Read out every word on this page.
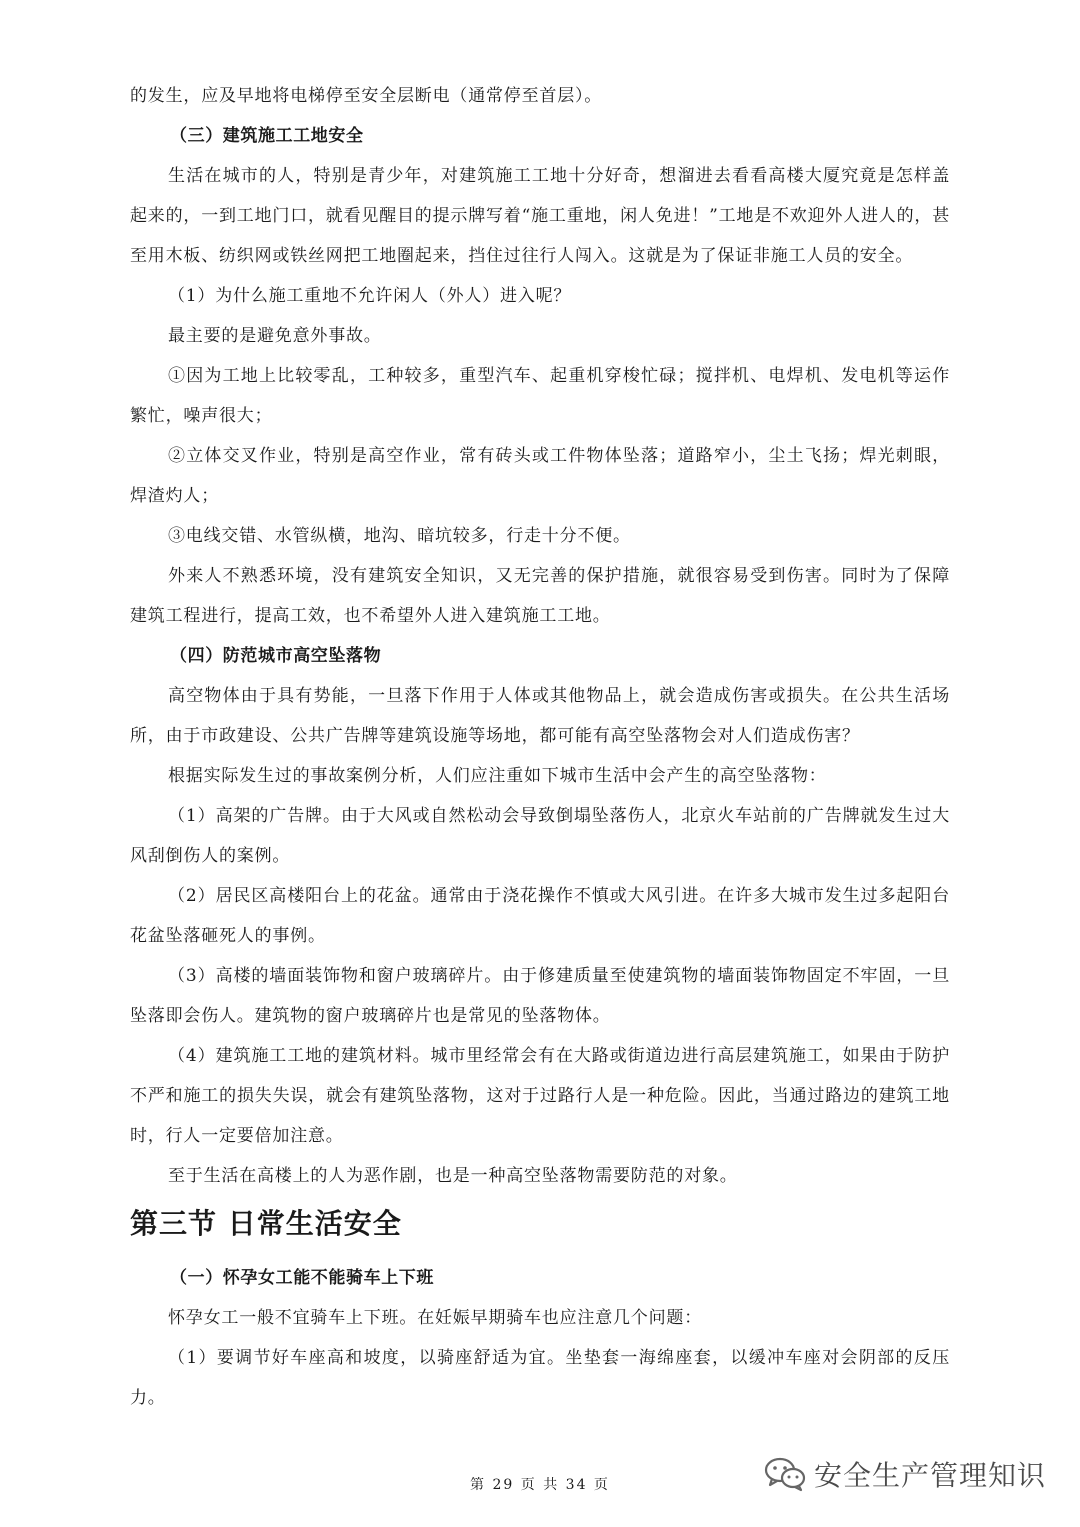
的发生，应及早地将电梯停至安全层断电（通常停至首层）。

（三）建筑施工工地安全

生活在城市的人，特别是青少年，对建筑施工工地十分好奇，想溜进去看看高楼大厦究竟是怎样盖起来的，一到工地门口，就看见醒目的提示牌写着“施工重地，闲人免进！”工地是不欢迎外人进人的，甚至用木板、纺织网或铁丝网把工地圈起来，挡住过往行人闯入。这就是为了保证非施工人员的安全。

（1）为什么施工重地不允许闲人（外人）进入呢？

最主要的是避免意外事故。

①因为工地上比较零乱，工种较多，重型汽车、起重机穿梭忙碌；搅拌机、电焊机、发电机等运作繁忙，噪声很大；

②立体交叉作业，特别是高空作业，常有砖头或工件物体坠落；道路窄小，尘土飞扬；焊光刺眼，焊渣灼人；

③电线交错、水管纵横，地沟、暗坑较多，行走十分不便。

外来人不熟悉环境，没有建筑安全知识，又无完善的保护措施，就很容易受到伤害。同时为了保障建筑工程进行，提高工效，也不希望外人进入建筑施工工地。

（四）防范城市高空坠落物

高空物体由于具有势能，一旦落下作用于人体或其他物品上，就会造成伤害或损失。在公共生活场所，由于市政建设、公共广告牌等建筑设施等场地，都可能有高空坠落物会对人们造成伤害？

根据实际发生过的事故案例分析，人们应注重如下城市生活中会产生的高空坠落物：

（1）高架的广告牌。由于大风或自然松动会导致倒塌坠落伤人，北京火车站前的广告牌就发生过大风刮倒伤人的案例。

（2）居民区高楼阳台上的花盆。通常由于浇花操作不慎或大风引进。在许多大城市发生过多起阳台花盆坠落砸死人的事例。

（3）高楼的墙面装饰物和窗户玻璃碎片。由于修建质量至使建筑物的墙面装饰物固定不牢固，一旦坠落即会伤人。建筑物的窗户玻璃碎片也是常见的坠落物体。

（4）建筑施工工地的建筑材料。城市里经常会有在大路或街道边进行高层建筑施工，如果由于防护不严和施工的损失失误，就会有建筑坠落物，这对于过路行人是一种危险。因此，当通过路边的建筑工地时，行人一定要倍加注意。

至于生活在高楼上的人为恶作剧，也是一种高空坠落物需要防范的对象。

第三节 日常生活安全
（一）怀孕女工能不能骑车上下班

怀孕女工一般不宜骑车上下班。在妊娠早期骑车也应注意几个问题：

（1）要调节好车座高和坡度，以骑座舒适为宜。坐垫套一海绵座套，以缓冲车座对会阴部的反压力。

第 29 页 共 34 页	安全生产管理知识
